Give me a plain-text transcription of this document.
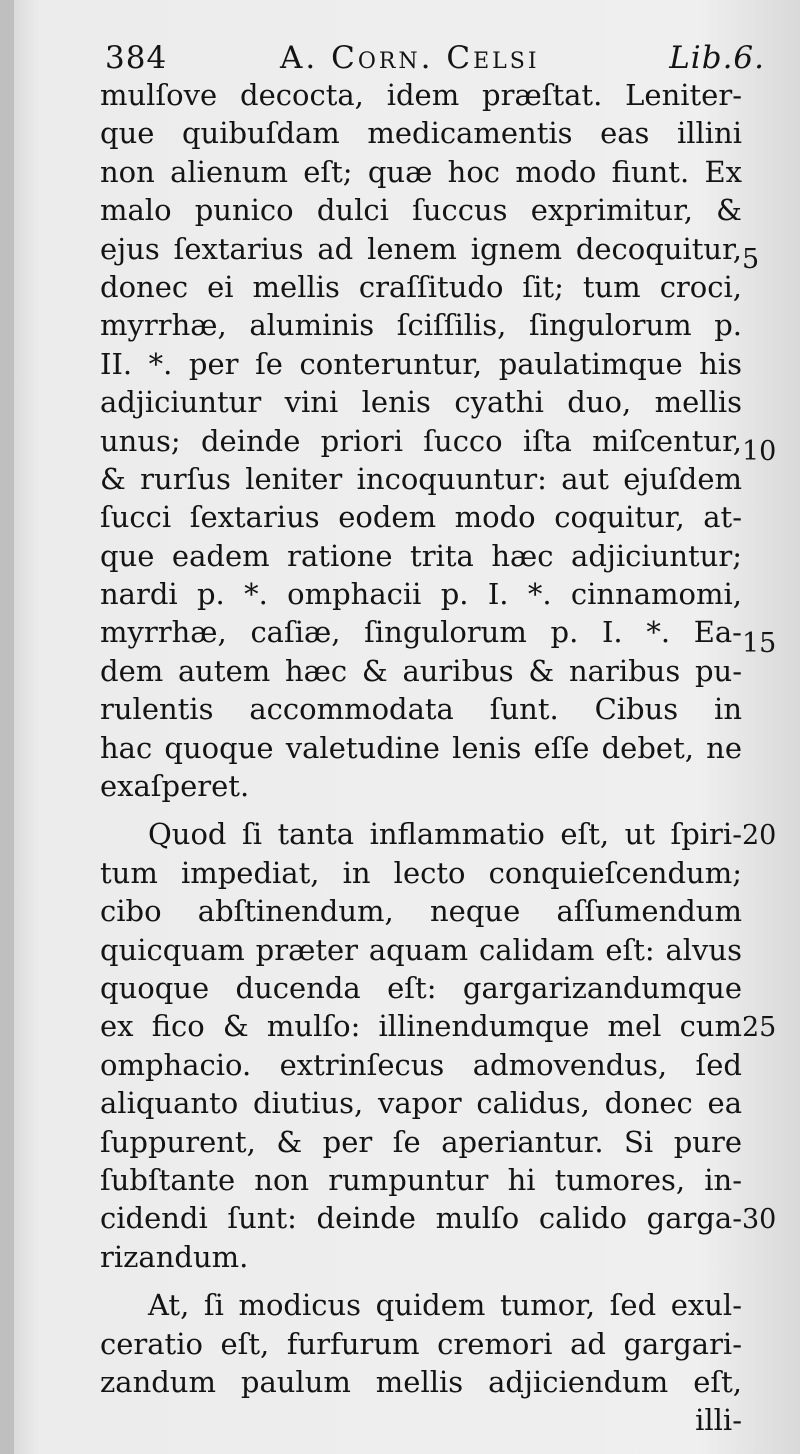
384	A. Corn. Celsi	Lib.6.
mulſove decocta, idem præſtat. Leniter-
que quibuſdam medicamentis eas illini
non alienum eſt; quæ hoc modo fiunt. Ex
malo punico dulci ſuccus exprimitur, &
ejus ſextarius ad lenem ignem decoquitur,
donec ei mellis craſſitudo ſit; tum croci,
myrrhæ, aluminis ſciſſilis, ſingulorum p.
II. *. per ſe conteruntur, paulatimque his
adjiciuntur vini lenis cyathi duo, mellis
unus; deinde priori ſucco iſta miſcentur,
& rurſus leniter incoquuntur: aut ejuſdem
ſucci ſextarius eodem modo coquitur, at-
que eadem ratione trita hæc adjiciuntur;
nardi p. *. omphacii p. I. *. cinnamomi,
myrrhæ, caſiæ, ſingulorum p. I. *. Ea-
dem autem hæc & auribus & naribus pu-
rulentis accommodata ſunt. Cibus in
hac quoque valetudine lenis eſſe debet, ne
exaſperet.
Quod ſi tanta inflammatio eſt, ut ſpiri-
tum impediat, in lecto conquieſcendum;
cibo abſtinendum, neque aſſumendum
quicquam præter aquam calidam eſt: alvus
quoque ducenda eſt: gargarizandumque
ex fico & mulſo: illinendumque mel cum
omphacio. extrinſecus admovendus, ſed
aliquanto diutius, vapor calidus, donec ea
ſuppurent, & per ſe aperiantur. Si pure
ſubſtante non rumpuntur hi tumores, in-
cidendi ſunt: deinde mulſo calido garga-
rizandum.
At, ſi modicus quidem tumor, ſed exul-
ceratio eſt, furfurum cremori ad gargari-
zandum paulum mellis adjiciendum eſt,
illi-
5
10
15
20
25
30
